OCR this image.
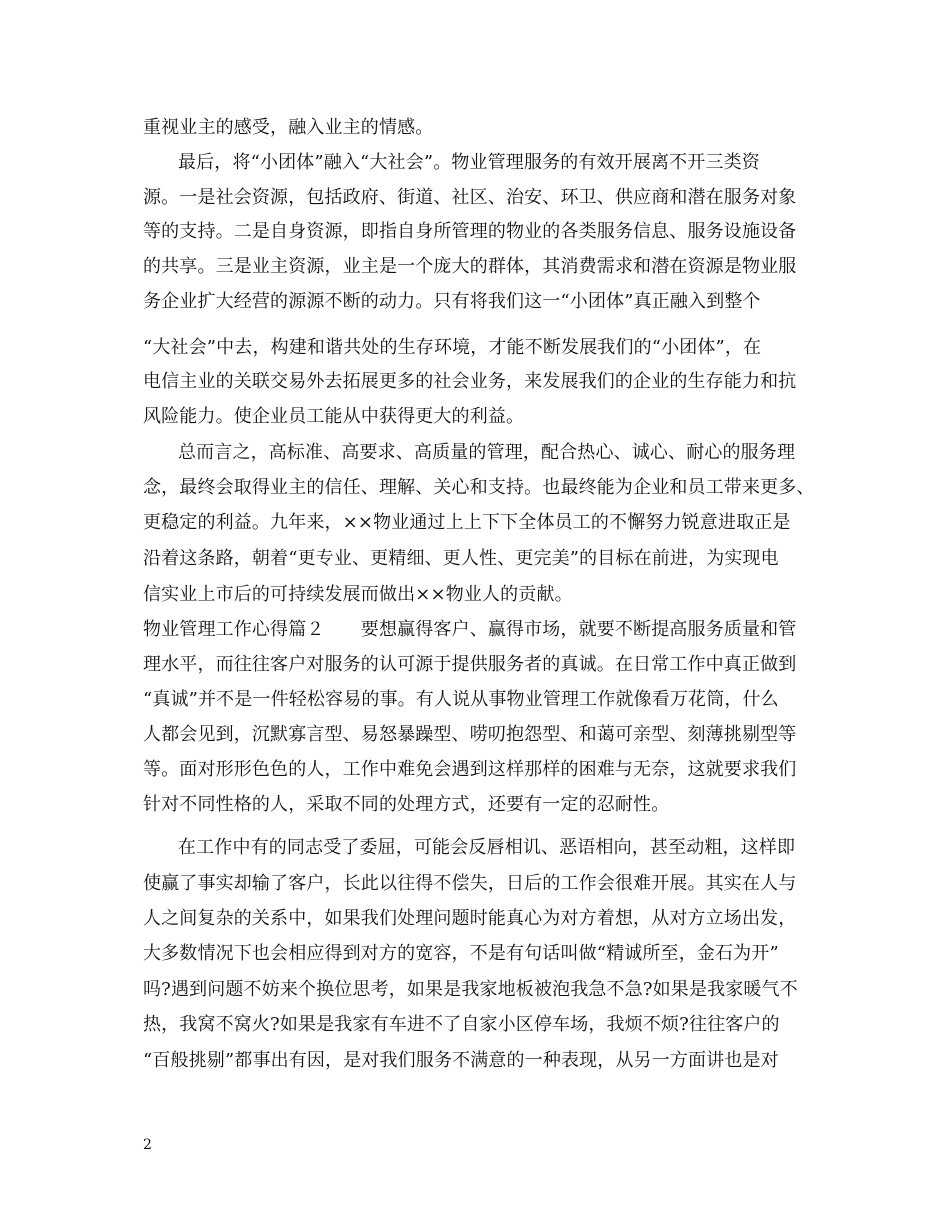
重视业主的感受，融入业主的情感。
最后，将“小团体”融入“大社会”。物业管理服务的有效开展离不开三类资
源。一是社会资源，包括政府、街道、社区、治安、环卫、供应商和潜在服务对象
等的支持。二是自身资源，即指自身所管理的物业的各类服务信息、服务设施设备
的共享。三是业主资源，业主是一个庞大的群体，其消费需求和潜在资源是物业服
务企业扩大经营的源源不断的动力。只有将我们这一“小团体”真正融入到整个
“大社会”中去，构建和谐共处的生存环境，才能不断发展我们的“小团体”，在
电信主业的关联交易外去拓展更多的社会业务，来发展我们的企业的生存能力和抗
风险能力。使企业员工能从中获得更大的利益。
总而言之，高标准、高要求、高质量的管理，配合热心、诚心、耐心的服务理
念，最终会取得业主的信任、理解、关心和支持。也最终能为企业和员工带来更多、
更稳定的利益。九年来，××物业通过上上下下全体员工的不懈努力锐意进取正是
沿着这条路，朝着“更专业、更精细、更人性、更完美”的目标在前进，为实现电
信实业上市后的可持续发展而做出××物业人的贡献。
物业管理工作心得篇２　　要想赢得客户、赢得市场，就要不断提高服务质量和管
理水平，而往往客户对服务的认可源于提供服务者的真诚。在日常工作中真正做到
“真诚”并不是一件轻松容易的事。有人说从事物业管理工作就像看万花筒，什么
人都会见到，沉默寡言型、易怒暴躁型、唠叨抱怨型、和蔼可亲型、刻薄挑剔型等
等。面对形形色色的人，工作中难免会遇到这样那样的困难与无奈，这就要求我们
针对不同性格的人，采取不同的处理方式，还要有一定的忍耐性。
在工作中有的同志受了委屈，可能会反唇相讥、恶语相向，甚至动粗，这样即
使赢了事实却输了客户，长此以往得不偿失，日后的工作会很难开展。其实在人与
人之间复杂的关系中，如果我们处理问题时能真心为对方着想，从对方立场出发，
大多数情况下也会相应得到对方的宽容，不是有句话叫做“精诚所至，金石为开”
吗?遇到问题不妨来个换位思考，如果是我家地板被泡我急不急?如果是我家暖气不
热，我窝不窝火?如果是我家有车进不了自家小区停车场，我烦不烦?往往客户的
“百般挑剔”都事出有因，是对我们服务不满意的一种表现，从另一方面讲也是对
2
